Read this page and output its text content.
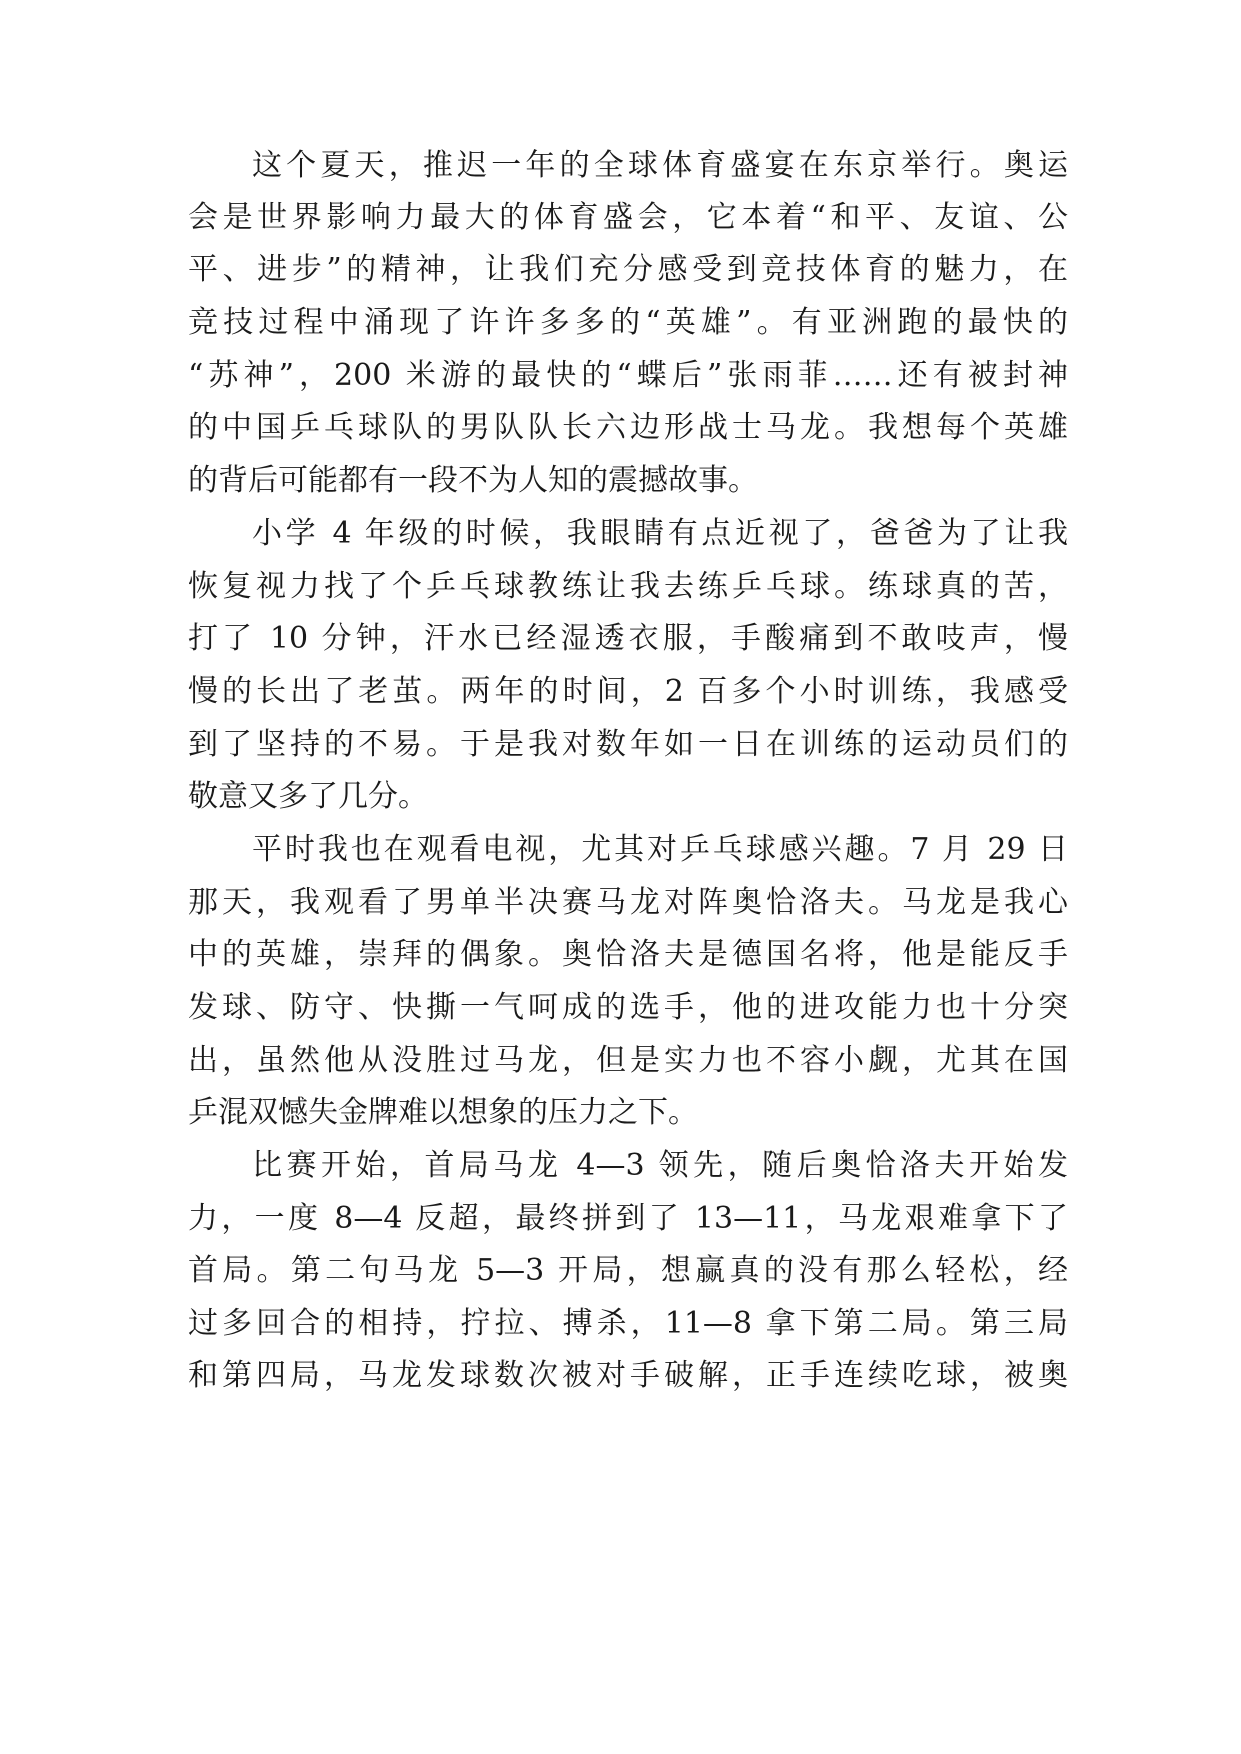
这个夏天，推迟一年的全球体育盛宴在东京举行。奥运

会是世界影响力最大的体育盛会，它本着“和平、友谊、公

平、进步”的精神，让我们充分感受到竞技体育的魅力，在

竞技过程中涌现了许许多多的“英雄”。有亚洲跑的最快的

“苏神”，200 米游的最快的“蝶后”张雨菲……还有被封神

的中国乒乓球队的男队队长六边形战士马龙。我想每个英雄

的背后可能都有一段不为人知的震撼故事。

小学 4 年级的时候，我眼睛有点近视了，爸爸为了让我

恢复视力找了个乒乓球教练让我去练乒乓球。练球真的苦，

打了 10 分钟，汗水已经湿透衣服，手酸痛到不敢吱声，慢

慢的长出了老茧。两年的时间，2 百多个小时训练，我感受

到了坚持的不易。于是我对数年如一日在训练的运动员们的

敬意又多了几分。

平时我也在观看电视，尤其对乒乓球感兴趣。7 月 29 日

那天，我观看了男单半决赛马龙对阵奥恰洛夫。马龙是我心

中的英雄，崇拜的偶象。奥恰洛夫是德国名将，他是能反手

发球、防守、快撕一气呵成的选手，他的进攻能力也十分突

出，虽然他从没胜过马龙，但是实力也不容小觑，尤其在国

乒混双憾失金牌难以想象的压力之下。

比赛开始，首局马龙 4—3 领先，随后奥恰洛夫开始发

力，一度 8—4 反超，最终拼到了 13—11，马龙艰难拿下了

首局。第二句马龙 5—3 开局，想赢真的没有那么轻松，经

过多回合的相持，拧拉、搏杀，11—8 拿下第二局。第三局

和第四局，马龙发球数次被对手破解，正手连续吃球，被奥
